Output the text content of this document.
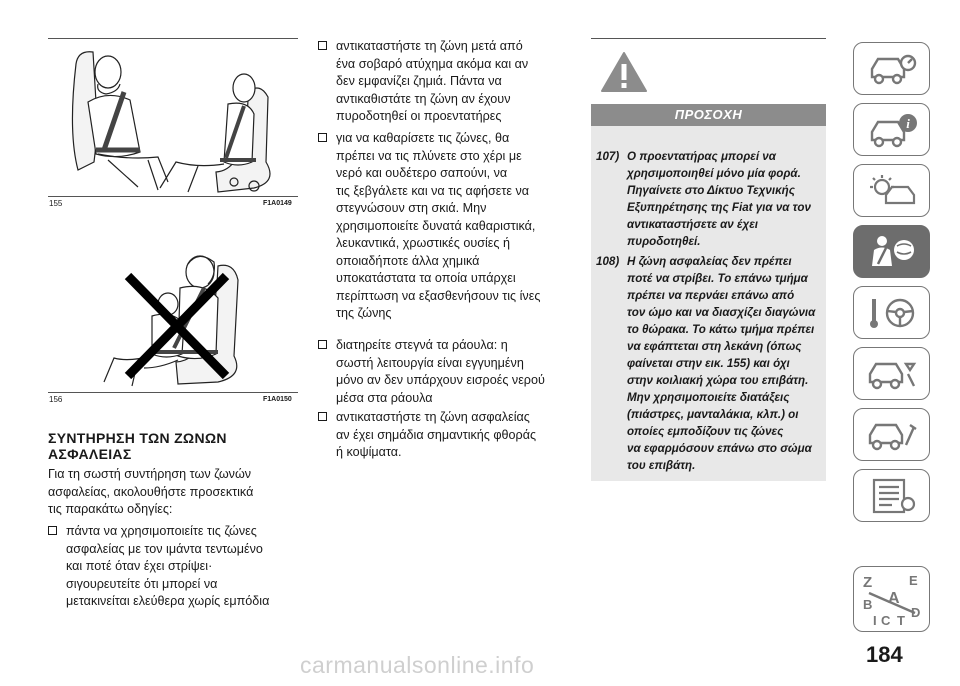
155	F1A0149
156	F1A0150
ΣΥΝΤΗΡΗΣΗ ΤΩΝ ΖΩΝΩΝ
ΑΣΦΑΛΕΙΑΣ
Για τη σωστή συντήρηση των ζωνών
ασφαλείας, ακολουθήστε προσεκτικά
τις παρακάτω οδηγίες:
πάντα να χρησιμοποιείτε τις ζώνες
ασφαλείας με τον ιμάντα τεντωμένο
και ποτέ όταν έχει στρίψει·
σιγουρευτείτε ότι μπορεί να
μετακινείται ελεύθερα χωρίς εμπόδια
αντικαταστήστε τη ζώνη μετά από
ένα σοβαρό ατύχημα ακόμα και αν
δεν εμφανίζει ζημιά. Πάντα να
αντικαθιστάτε τη ζώνη αν έχουν
πυροδοτηθεί οι προεντατήρες
για να καθαρίσετε τις ζώνες, θα
πρέπει να τις πλύνετε στο χέρι με
νερό και ουδέτερο σαπούνι, να
τις ξεβγάλετε και να τις αφήσετε να
στεγνώσουν στη σκιά. Μην
χρησιμοποιείτε δυνατά καθαριστικά,
λευκαντικά, χρωστικές ουσίες ή
οποιαδήποτε άλλα χημικά
υποκατάστατα τα οποία υπάρχει
περίπτωση να εξασθενήσουν τις ίνες
της ζώνης
διατηρείτε στεγνά τα ράουλα: η
σωστή λειτουργία είναι εγγυημένη
μόνο αν δεν υπάρχουν εισροές νερού
μέσα στα ράουλα
αντικαταστήστε τη ζώνη ασφαλείας
αν έχει σημάδια σημαντικής φθοράς
ή κοψίματα.
ΠΡΟΣΟΧΗ
107) Ο προεντατήρας μπορεί να
χρησιμοποιηθεί μόνο μία φορά.
Πηγαίνετε στο Δίκτυο Τεχνικής
Εξυπηρέτησης της Fiat για να τον
αντικαταστήσετε αν έχει
πυροδοτηθεί.
108) Η ζώνη ασφαλείας δεν πρέπει
ποτέ να στρίβει. Το επάνω τμήμα
πρέπει να περνάει επάνω από
τον ώμο και να διασχίζει διαγώνια
το θώρακα. Το κάτω τμήμα πρέπει
να εφάπτεται στη λεκάνη (όπως
φαίνεται στην εικ. 155) και όχι
στην κοιλιακή χώρα του επιβάτη.
Μην χρησιμοποιείτε διατάξεις
(πιάστρες, μανταλάκια, κλπ.) οι
οποίες εμποδίζουν τις ζώνες
να εφαρμόσουν επάνω στο σώμα
του επιβάτη.
i
Z	E
A
B
I C T
D
184
carmanualsonline.info
